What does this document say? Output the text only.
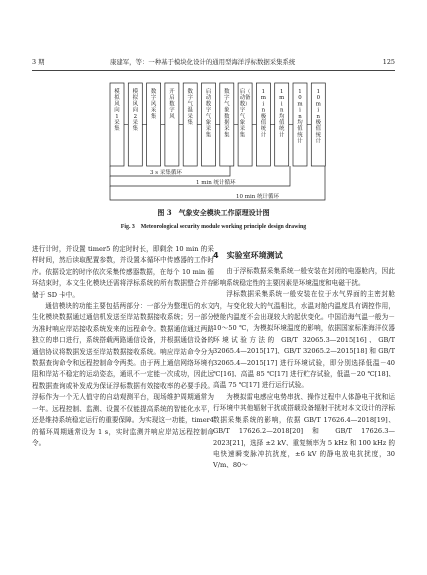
3 期	康建军，等：一种基于模块化设计的通用型海洋浮标数据采集系统	125
模拟风向 1 采集
模拟风向 2 采集
数字风采集
开启数字风
数字气温采集
启动数字气象采集
数字气象数据采集
启动数字气象采集
（备）
1 m i n 极值统计
1 m i n 均值统计
1 0 m i n 均值统计
1 0 m i n 极值统计
3 s 采集循环
1 min 统计循环
10 min 统计循环
图 3　气象安全模块工作原理设计图
Fig. 3　Meteorological security module working principle design drawing

进行计时，并设置 timer5 的定时时长，即剩余 10 min 的采样时间，然后读取配置参数，并设置本循环中传感器的工作时序。依据设定的时序依次采集传感器数据，在每个 10 min 循环结束时，本文生化模块还需将浮标系统的所有数据整合并存储于 SD 卡中。

通信模块的功能主要包括两部分：一部分为整理后的水文生化模块数据通过通信机发送至岸站数据接收系统；另一部分为准时响应岸站接收系统发来的远程命令。数据通信通过两路独立的串口进行，系统搭载两路通信设备，并根据通信设备的通信协议将数据发送至岸站数据接收系统。响应岸站命令分为数据查询命令和远程控制命令两类。由于两上通信网络环境有阻和岸站不稳定的运动姿态，通讯不一定能一次成功，因此远程数据查询或补发成为保证浮标数据有效接收率的必要手段。浮标作为一个无人值守的自动观测平台，现场维护周期通常为一年。远程控制、监测、设置不仅能提高系统的智能化水平，还是维持系统稳定运行的重要保障。为实现这一功能，timer4 的循环周期通常设为 1 s，实时监测并响应岸站远程控制命令。

4　实验室环境测试

由于浮标数据采集系统一般安装在封闭的电器舱内，因此影响系统稳定性的主要因素是环境温度和电磁干扰。

浮标数据采集系统一般安装在位于水气界面的主密封舱内，与变化较大的气温相比，水温对舱内温度具有调控作用，使舱内温度不会出现较大的起伏变化。中国沿海气温一般为－10～50 ℃，为模拟环境温度的影响，依据国家标准海洋仪器环境试验方法的 GB/T 32065.3—2015[16]、GB/T 32065.4—2015[17]、GB/T 32065.2—2015[18] 和 GB/T 32065.4—2015[17] 进行环境试验，即分别选择低温－40 ℃[16]、高温 85 ℃[17] 进行贮存试验，低温－20 ℃[18]、高温 75 ℃[17] 进行运行试验。

为模拟雷电感应电势串扰、操作过程中人体静电干扰和运行环境中其他辐射干扰或搭载设备辐射干扰对本文设计的浮标数据采集系统的影响，依据 GB/T 17626.4—2018[19]、GB/T 17626.2—2018[20] 和 GB/T 17626.3—2023[21]，选择 ±2 kV、重复频率为 5 kHz 和 100 kHz 的电快速瞬变脉冲抗扰度，±6 kV 的静电放电抗扰度，30 V/m、80～
